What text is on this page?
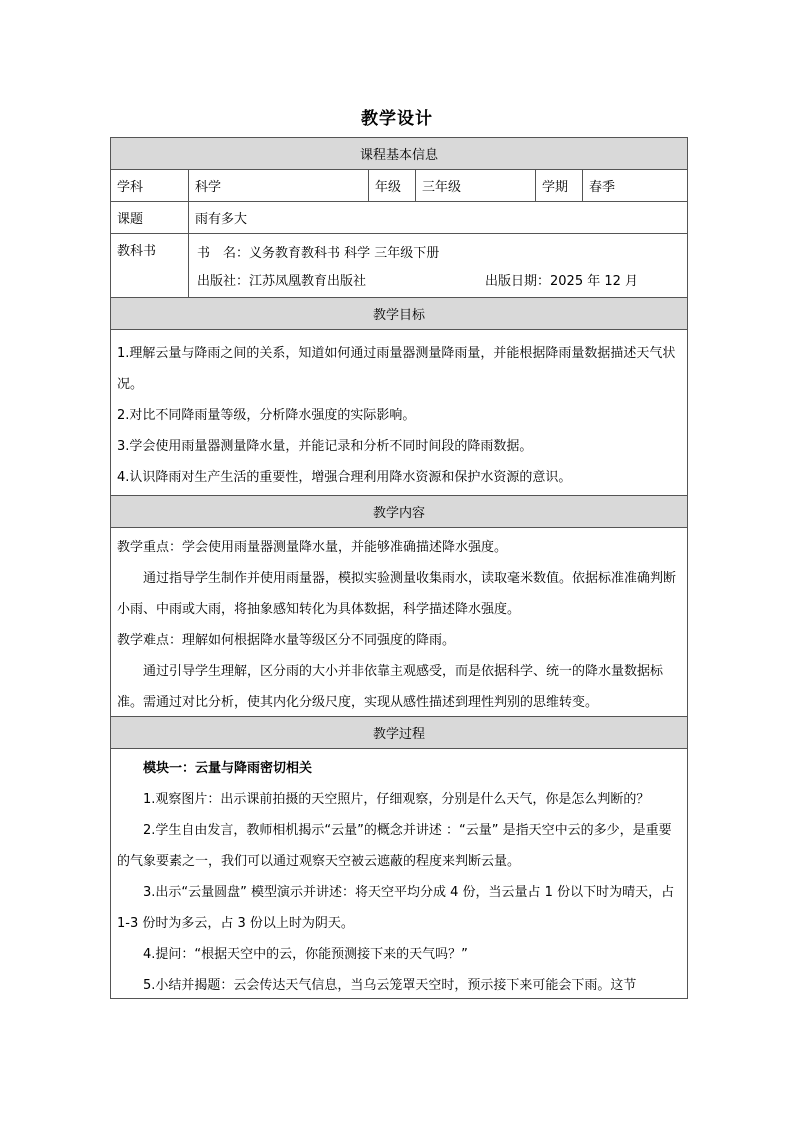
教学设计
课程基本信息
学科	科学	年级	三年级	学期	春季
课题	雨有多大
教科书	书　名：义务教育教科书 科学 三年级下册
出版社：江苏凤凰教育出版社	出版日期：2025 年 12 月
教学目标

1.理解云量与降雨之间的关系，知道如何通过雨量器测量降雨量，并能根据降雨量数据描述天气状况。

2.对比不同降雨量等级，分析降水强度的实际影响。

3.学会使用雨量器测量降水量，并能记录和分析不同时间段的降雨数据。

4.认识降雨对生产生活的重要性，增强合理利用降水资源和保护水资源的意识。

教学内容

教学重点：学会使用雨量器测量降水量，并能够准确描述降水强度。

通过指导学生制作并使用雨量器，模拟实验测量收集雨水，读取毫米数值。依据标准准确判断小雨、中雨或大雨，将抽象感知转化为具体数据，科学描述降水强度。

教学难点：理解如何根据降水量等级区分不同强度的降雨。

通过引导学生理解，区分雨的大小并非依靠主观感受，而是依据科学、统一的降水量数据标准。需通过对比分析，使其内化分级尺度，实现从感性描述到理性判别的思维转变。

教学过程

模块一：云量与降雨密切相关

1.观察图片：出示课前拍摄的天空照片，仔细观察，分别是什么天气，你是怎么判断的？

2.学生自由发言，教师相机揭示“云量”的概念并讲述 ：“云量” 是指天空中云的多少，是重要的气象要素之一，我们可以通过观察天空被云遮蔽的程度来判断云量。

3.出示“云量圆盘” 模型演示并讲述：将天空平均分成 4 份，当云量占 1 份以下时为晴天，占 1-3 份时为多云，占 3 份以上时为阴天。

4.提问：“根据天空中的云，你能预测接下来的天气吗？”

5.小结并揭题：云会传达天气信息，当乌云笼罩天空时，预示接下来可能会下雨。这节
